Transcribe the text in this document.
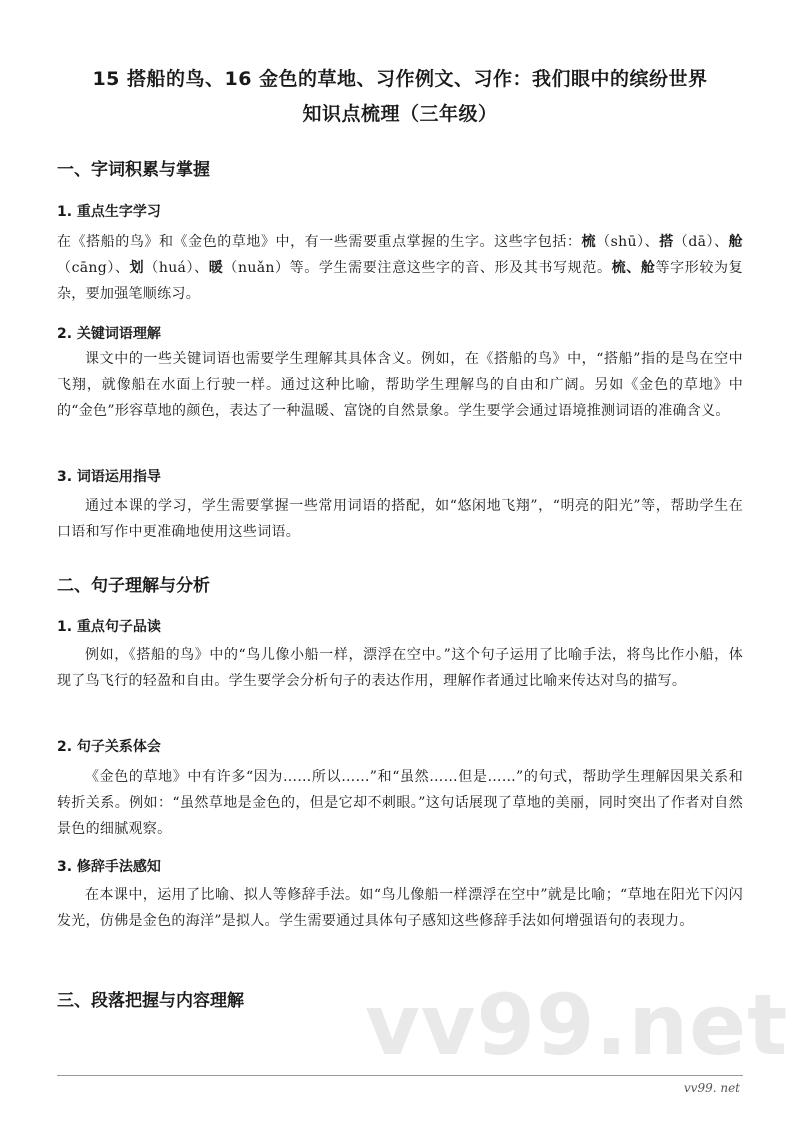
15 搭船的鸟、16 金色的草地、习作例文、习作：我们眼中的缤纷世界
知识点梳理（三年级）
一、字词积累与掌握
1. 重点生字学习

在《搭船的鸟》和《金色的草地》中，有一些需要重点掌握的生字。这些字包括：梳（shū）、搭（dā）、舱（cāng）、划（huá）、暖（nuǎn）等。学生需要注意这些字的音、形及其书写规范。梳、舱等字形较为复杂，要加强笔顺练习。

2. 关键词语理解

课文中的一些关键词语也需要学生理解其具体含义。例如，在《搭船的鸟》中，“搭船”指的是鸟在空中飞翔，就像船在水面上行驶一样。通过这种比喻，帮助学生理解鸟的自由和广阔。另如《金色的草地》中的“金色”形容草地的颜色，表达了一种温暖、富饶的自然景象。学生要学会通过语境推测词语的准确含义。

3. 词语运用指导

通过本课的学习，学生需要掌握一些常用词语的搭配，如“悠闲地飞翔”，“明亮的阳光”等，帮助学生在口语和写作中更准确地使用这些词语。

二、句子理解与分析
1. 重点句子品读

例如，《搭船的鸟》中的“鸟儿像小船一样，漂浮在空中。”这个句子运用了比喻手法，将鸟比作小船，体现了鸟飞行的轻盈和自由。学生要学会分析句子的表达作用，理解作者通过比喻来传达对鸟的描写。

2. 句子关系体会

《金色的草地》中有许多“因为……所以……”和“虽然……但是……”的句式，帮助学生理解因果关系和转折关系。例如：“虽然草地是金色的，但是它却不刺眼。”这句话展现了草地的美丽，同时突出了作者对自然景色的细腻观察。

3. 修辞手法感知

在本课中，运用了比喻、拟人等修辞手法。如“鸟儿像船一样漂浮在空中”就是比喻；“草地在阳光下闪闪发光，仿佛是金色的海洋”是拟人。学生需要通过具体句子感知这些修辞手法如何增强语句的表现力。

三、段落把握与内容理解 vv99.net
vv99. net
